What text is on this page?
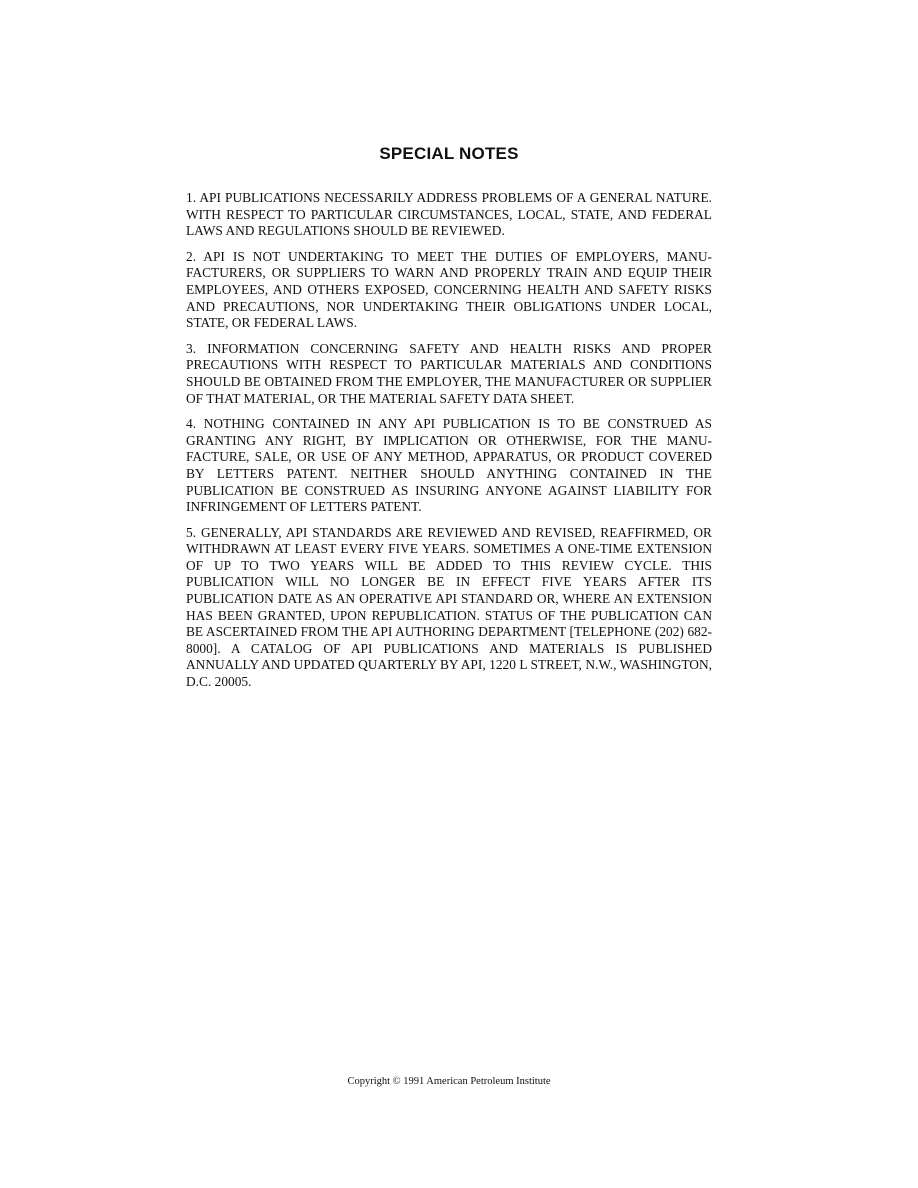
SPECIAL NOTES

1. API PUBLICATIONS NECESSARILY ADDRESS PROBLEMS OF A GENERAL NATURE. WITH RESPECT TO PARTICULAR CIRCUMSTANCES, LOCAL, STATE, AND FEDERAL LAWS AND REGULATIONS SHOULD BE REVIEWED.

2. API IS NOT UNDERTAKING TO MEET THE DUTIES OF EMPLOYERS, MANUFACTURERS, OR SUPPLIERS TO WARN AND PROPERLY TRAIN AND EQUIP THEIR EMPLOYEES, AND OTHERS EXPOSED, CONCERNING HEALTH AND SAFETY RISKS AND PRECAUTIONS, NOR UNDERTAKING THEIR OBLIGATIONS UNDER LOCAL, STATE, OR FEDERAL LAWS.

3. INFORMATION CONCERNING SAFETY AND HEALTH RISKS AND PROPER PRECAUTIONS WITH RESPECT TO PARTICULAR MATERIALS AND CONDITIONS SHOULD BE OBTAINED FROM THE EMPLOYER, THE MANUFACTURER OR SUPPLIER OF THAT MATERIAL, OR THE MATERIAL SAFETY DATA SHEET.

4. NOTHING CONTAINED IN ANY API PUBLICATION IS TO BE CONSTRUED AS GRANTING ANY RIGHT, BY IMPLICATION OR OTHERWISE, FOR THE MANUFACTURE, SALE, OR USE OF ANY METHOD, APPARATUS, OR PRODUCT COVERED BY LETTERS PATENT. NEITHER SHOULD ANYTHING CONTAINED IN THE PUBLICATION BE CONSTRUED AS INSURING ANYONE AGAINST LIABILITY FOR INFRINGEMENT OF LETTERS PATENT.

5. GENERALLY, API STANDARDS ARE REVIEWED AND REVISED, REAFFIRMED, OR WITHDRAWN AT LEAST EVERY FIVE YEARS. SOMETIMES A ONE-TIME EXTENSION OF UP TO TWO YEARS WILL BE ADDED TO THIS REVIEW CYCLE. THIS PUBLICATION WILL NO LONGER BE IN EFFECT FIVE YEARS AFTER ITS PUBLICATION DATE AS AN OPERATIVE API STANDARD OR, WHERE AN EXTENSION HAS BEEN GRANTED, UPON REPUBLICATION. STATUS OF THE PUBLICATION CAN BE ASCERTAINED FROM THE API AUTHORING DEPARTMENT [TELEPHONE (202) 682-8000]. A CATALOG OF API PUBLICATIONS AND MATERIALS IS PUBLISHED ANNUALLY AND UPDATED QUARTERLY BY API, 1220 L STREET, N.W., WASHINGTON, D.C. 20005.

Copyright © 1991 American Petroleum Institute
